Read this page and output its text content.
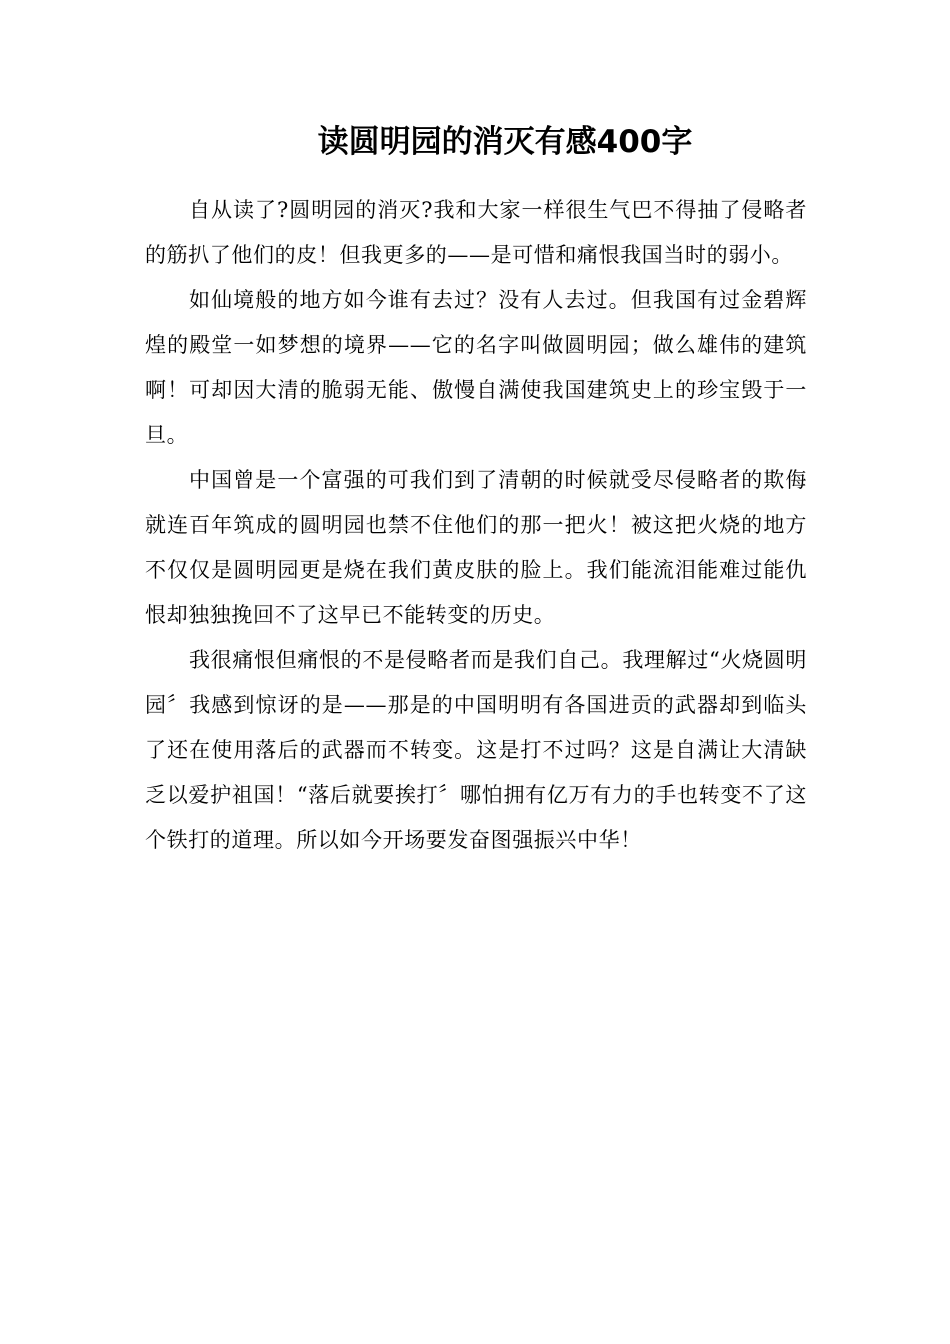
读圆明园的消灭有感400字

自从读了?圆明园的消灭?我和大家一样很生气巴不得抽了侵略者的筋扒了他们的皮！但我更多的——是可惜和痛恨我国当时的弱小。

如仙境般的地方如今谁有去过？没有人去过。但我国有过金碧辉煌的殿堂一如梦想的境界——它的名字叫做圆明园；做么雄伟的建筑啊！可却因大清的脆弱无能、傲慢自满使我国建筑史上的珍宝毁于一旦。

中国曾是一个富强的可我们到了清朝的时候就受尽侵略者的欺侮就连百年筑成的圆明园也禁不住他们的那一把火！被这把火烧的地方不仅仅是圆明园更是烧在我们黄皮肤的脸上。我们能流泪能难过能仇恨却独独挽回不了这早已不能转变的历史。

我很痛恨但痛恨的不是侵略者而是我们自己。我理解过“火烧圆明园〞我感到惊讶的是——那是的中国明明有各国进贡的武器却到临头了还在使用落后的武器而不转变。这是打不过吗？这是自满让大清缺乏以爱护祖国！“落后就要挨打〞哪怕拥有亿万有力的手也转变不了这个铁打的道理。所以如今开场要发奋图强振兴中华！
